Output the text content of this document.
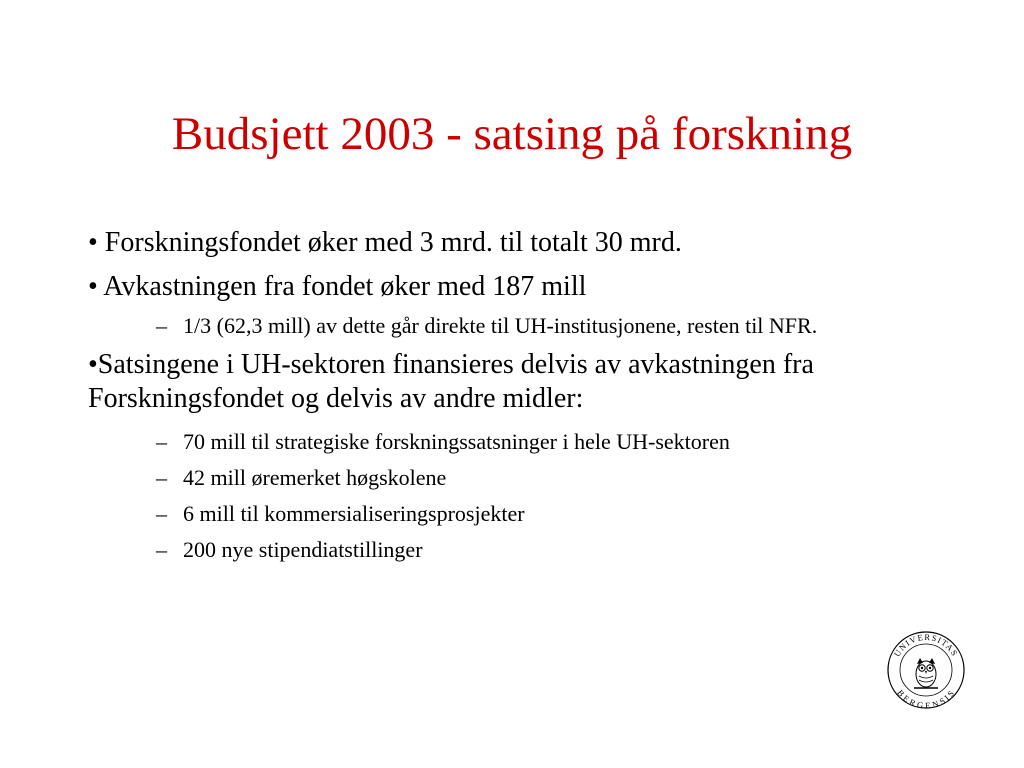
Budsjett 2003 - satsing på forskning

• Forskningsfondet øker med 3 mrd. til totalt 30 mrd.

• Avkastningen fra fondet øker med 187 mill

– 1/3 (62,3 mill) av dette går direkte til UH-institusjonene, resten til NFR.

•Satsingene i UH-sektoren finansieres delvis av avkastningen fra Forskningsfondet og delvis av andre midler:

– 70 mill til strategiske forskningssatsninger i hele UH-sektoren
– 42 mill øremerket høgskolene
– 6 mill til kommersialiseringsprosjekter
– 200 nye stipendiatstillinger
UNIVERSITAS
BERGENSIS
